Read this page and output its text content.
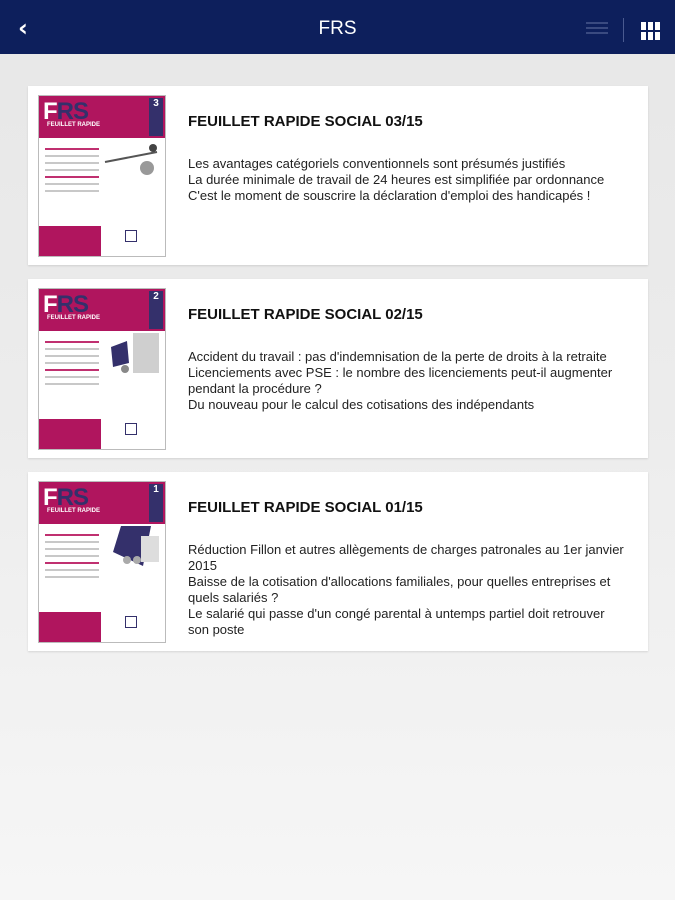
‹	FRS
FRS
FEUILLET RAPIDE
3
FEUILLET RAPIDE SOCIAL 03/15
Les avantages catégoriels conventionnels sont présumés justifiés
La durée minimale de travail de 24 heures est simplifiée par ordonnance
C'est le moment de souscrire la déclaration d'emploi des handicapés !
FRS
FEUILLET RAPIDE
2
FEUILLET RAPIDE SOCIAL 02/15
Accident du travail : pas d'indemnisation de la perte de droits à la retraite
Licenciements avec PSE : le nombre des licenciements peut-il augmenter pendant la procédure ?
Du nouveau pour le calcul des cotisations des indépendants
FRS
FEUILLET RAPIDE
1
FEUILLET RAPIDE SOCIAL 01/15
Réduction Fillon et autres allègements de charges patronales au 1er janvier 2015
Baisse de la cotisation d'allocations familiales, pour quelles entreprises et quels salariés ?
Le salarié qui passe d'un congé parental à untemps partiel doit retrouver son poste
